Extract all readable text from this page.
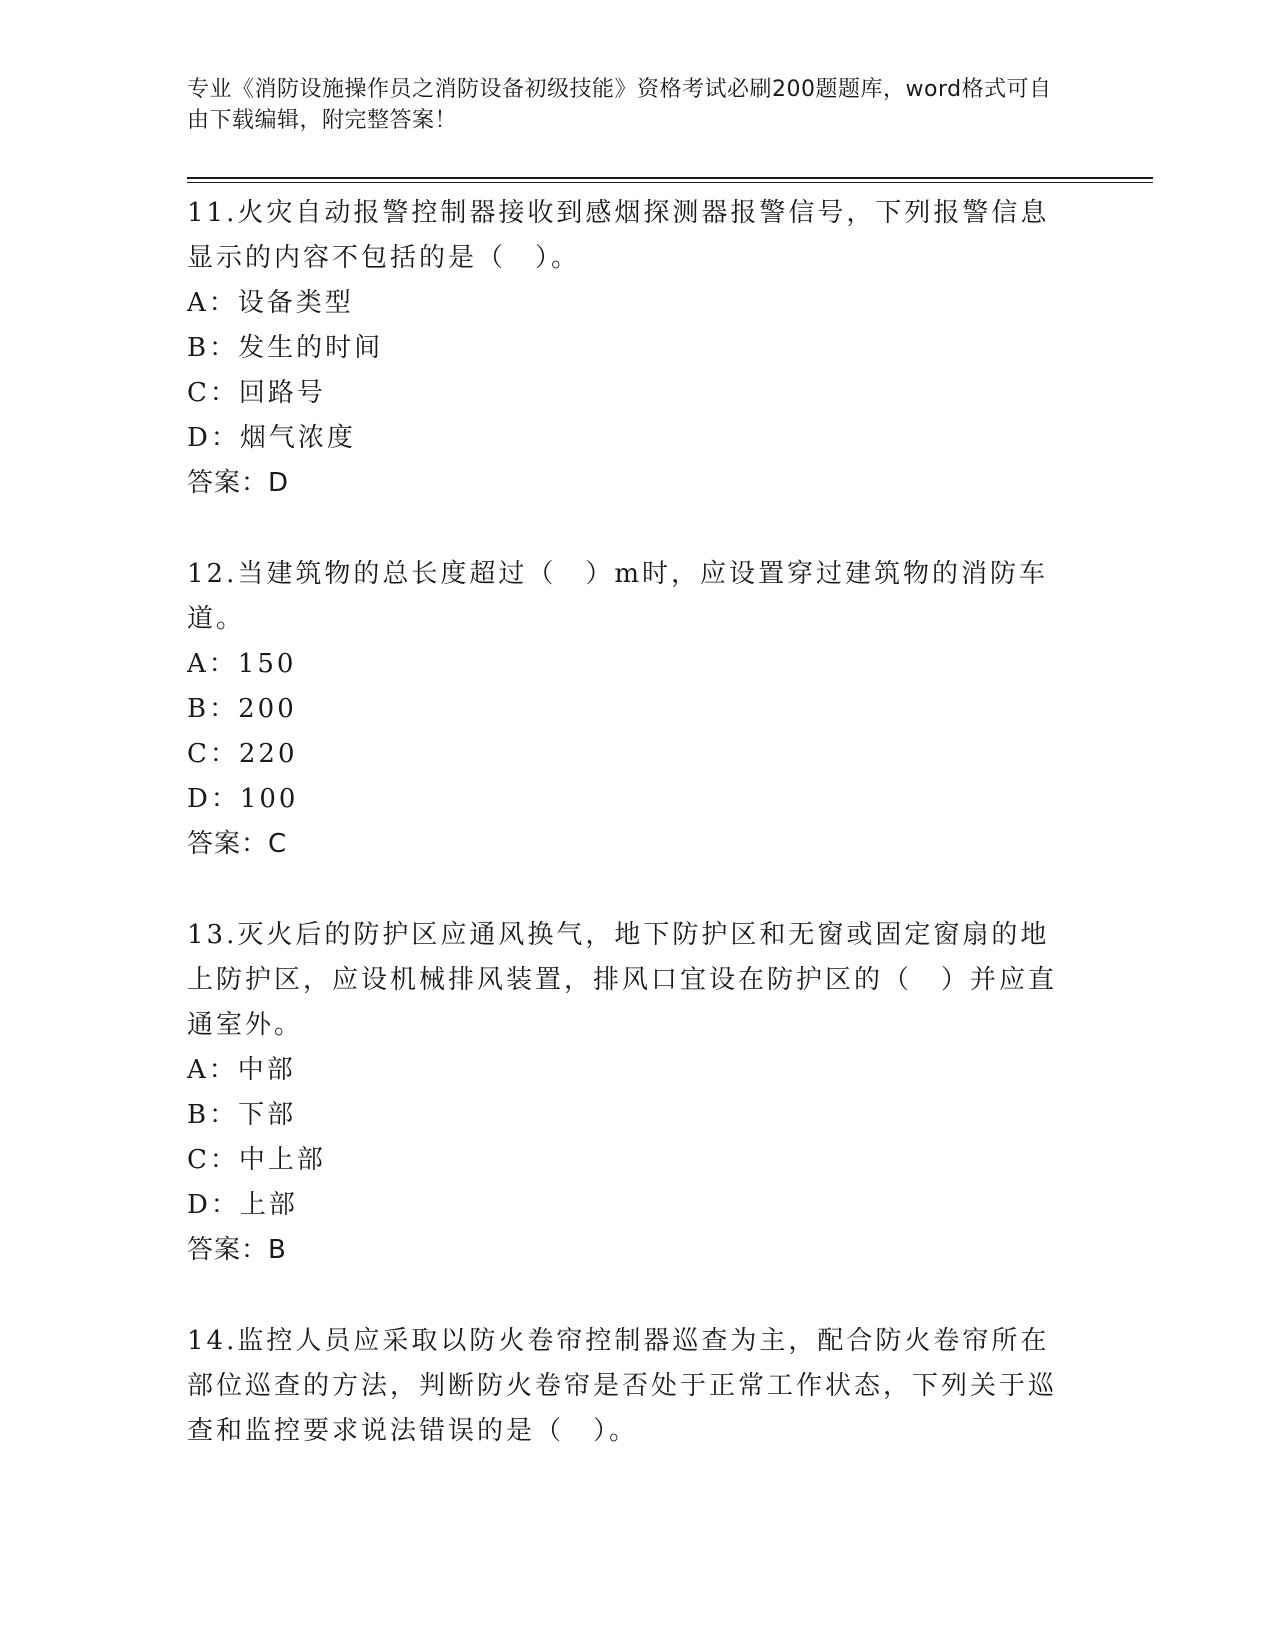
专业《消防设施操作员之消防设备初级技能》资格考试必刷200题题库，word格式可自由下载编辑，附完整答案！

11.火灾自动报警控制器接收到感烟探测器报警信号，下列报警信息显示的内容不包括的是（　）。

A：设备类型

B：发生的时间

C：回路号

D：烟气浓度

答案：D

12.当建筑物的总长度超过（　）m时，应设置穿过建筑物的消防车道。

A：150

B：200

C：220

D：100

答案：C

13.灭火后的防护区应通风换气，地下防护区和无窗或固定窗扇的地上防护区，应设机械排风装置，排风口宜设在防护区的（　）并应直通室外。

A：中部

B：下部

C：中上部

D：上部

答案：B

14.监控人员应采取以防火卷帘控制器巡查为主，配合防火卷帘所在部位巡查的方法，判断防火卷帘是否处于正常工作状态，下列关于巡查和监控要求说法错误的是（　）。
